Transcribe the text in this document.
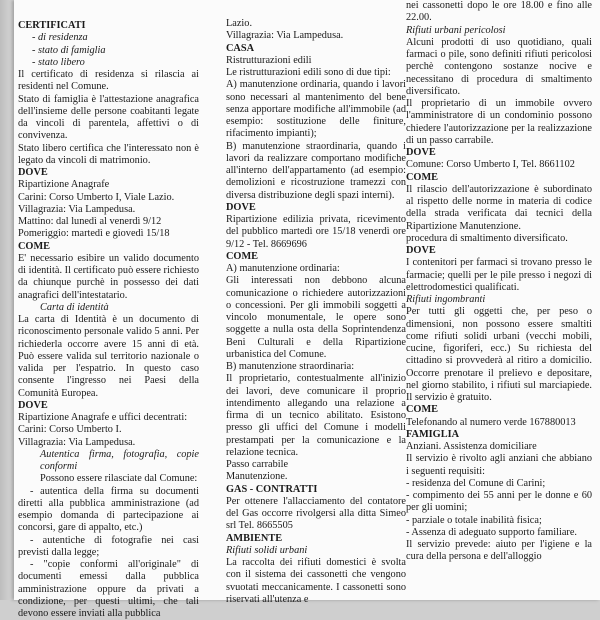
CERTIFICATI

- di residenza

- stato di famiglia

- stato libero

Il certificato di residenza si rilascia ai residenti nel Comune.

Stato di famiglia è l'attestazione anagrafica dell'insieme delle persone coabitanti legate da vincoli di parentela, affettivi o di convivenza.

Stato libero certifica che l'interessato non è legato da vincoli di matrimonio.

DOVE

Ripartizione Anagrafe

Carini: Corso Umberto I, Viale Lazio.

Villagrazia: Via Lampedusa.

Mattino: dal lunedì al venerdì 9/12

Pomeriggio: martedì e giovedì 15/18

COME

E' necessario esibire un valido documento di identità. Il certificato può essere richiesto da chiunque purchè in possesso dei dati anagrafici dell'intestatario.

Carta di identità

La carta di Identità è un documento di riconoscimento personale valido 5 anni. Per richiederla occorre avere 15 anni di età. Può essere valida sul territorio nazionale o valida per l'espatrio. In questo caso consente l'ingresso nei Paesi della Comunità Europea.

DOVE

Ripartizione Anagrafe e uffici decentrati:

Carini: Corso Umberto I.

Villagrazia: Via Lampedusa.

Autentica firma, fotografia, copie conformi

Possono essere rilasciate dal Comune:

- autentica della firma su documenti diretti alla pubblica amministrazione (ad esempio domanda di partecipazione ai concorsi, gare di appalto, etc.)

- autentiche di fotografie nei casi previsti dalla legge;

- "copie conformi all'originale" di documenti emessi dalla pubblica amministrazione oppure da privati a condizione, per questi ultimi, che tali devono essere inviati alla pubblica

Lazio.

Villagrazia: Via Lampedusa.

CASA

Ristrutturazioni edili

Le ristrutturazioni edili sono di due tipi:

A) manutenzione ordinaria, quando i lavori sono necessari al mantenimento del bene senza apportare modifiche all'immobile (ad esempio: sostituzione delle finiture, rifacimento impianti);

B) manutenzione straordinaria, quando i lavori da realizzare comportano modifiche all'interno dell'appartamento (ad esempio: demolizioni e ricostruzione tramezzi con diversa distribuzione degli spazi interni).

DOVE

Ripartizione edilizia privata, ricevimento del pubblico martedì ore 15/18 venerdì ore 9/12 - Tel. 8669696

COME

A) manutenzione ordinaria:

Gli interessati non debbono alcuna comunicazione o richiedere autorizzazioni o concessioni. Per gli immobili soggetti a vincolo monumentale, le opere sono soggette a nulla osta della Soprintendenza Beni Culturali e della Ripartizione urbanistica del Comune.

B) manutenzione straordinaria:

Il proprietario, contestualmente all'inizio dei lavori, deve comunicare il proprio intendimento allegando una relazione a firma di un tecnico abilitato. Esistono presso gli uffici del Comune i modelli prestampati per la comunicazione e la relazione tecnica.

Passo carrabile

Manutenzione.

GAS - CONTRATTI

Per ottenere l'allacciamento del contatore del Gas occorre rivolgersi alla ditta Simeo srl Tel. 8665505

AMBIENTE

Rifiuti solidi urbani

La raccolta dei rifiuti domestici è svolta con il sistema dei cassonetti che vengono svuotati meccanicamente. I cassonetti sono riservati all'utenza e

nei cassonetti dopo le ore 18.00 e fino alle 22.00.

Rifiuti urbani pericolosi

Alcuni prodotti di uso quotidiano, quali farmaci o pile, sono definiti rifiuti pericolosi perchè contengono sostanze nocive e necessitano di procedura di smaltimento diversificato.

Il proprietario di un immobile ovvero l'amministratore di un condominio possono chiedere l'autorizzazione per la realizzazione di un passo carrabile.

DOVE

Comune: Corso Umberto I, Tel. 8661102

COME

Il rilascio dell'autorizzazione è subordinato al rispetto delle norme in materia di codice della strada verificata dai tecnici della Ripartizione Manutenzione.

procedura di smaltimento diversificato.

DOVE

I contenitori per farmaci si trovano presso le farmacie; quelli per le pile presso i negozi di elettrodomestici qualificati.

Rifiuti ingombranti

Per tutti gli oggetti che, per peso o dimensioni, non possono essere smaltiti come rifiuti solidi urbani (vecchi mobili, cucine, figoriferi, ecc.) Su richiesta del cittadino si provvederà al ritiro a domicilio. Occorre prenotare il prelievo e depositare, nel giorno stabilito, i rifiuti sul marciapiede. Il servizio è gratuito.

COME

Telefonando al numero verde 167880013

FAMIGLIA

Anziani. Assistenza domiciliare

Il servizio è rivolto agli anziani che abbiano i seguenti requisiti:

- residenza del Comune di Carini;

- compimento dei 55 anni per le donne e 60 per gli uomini;

- parziale o totale inabilità fisica;

- Assenza di adeguato supporto familiare.

Il servizio prevede: aiuto per l'igiene e la cura della persona e dell'alloggio
